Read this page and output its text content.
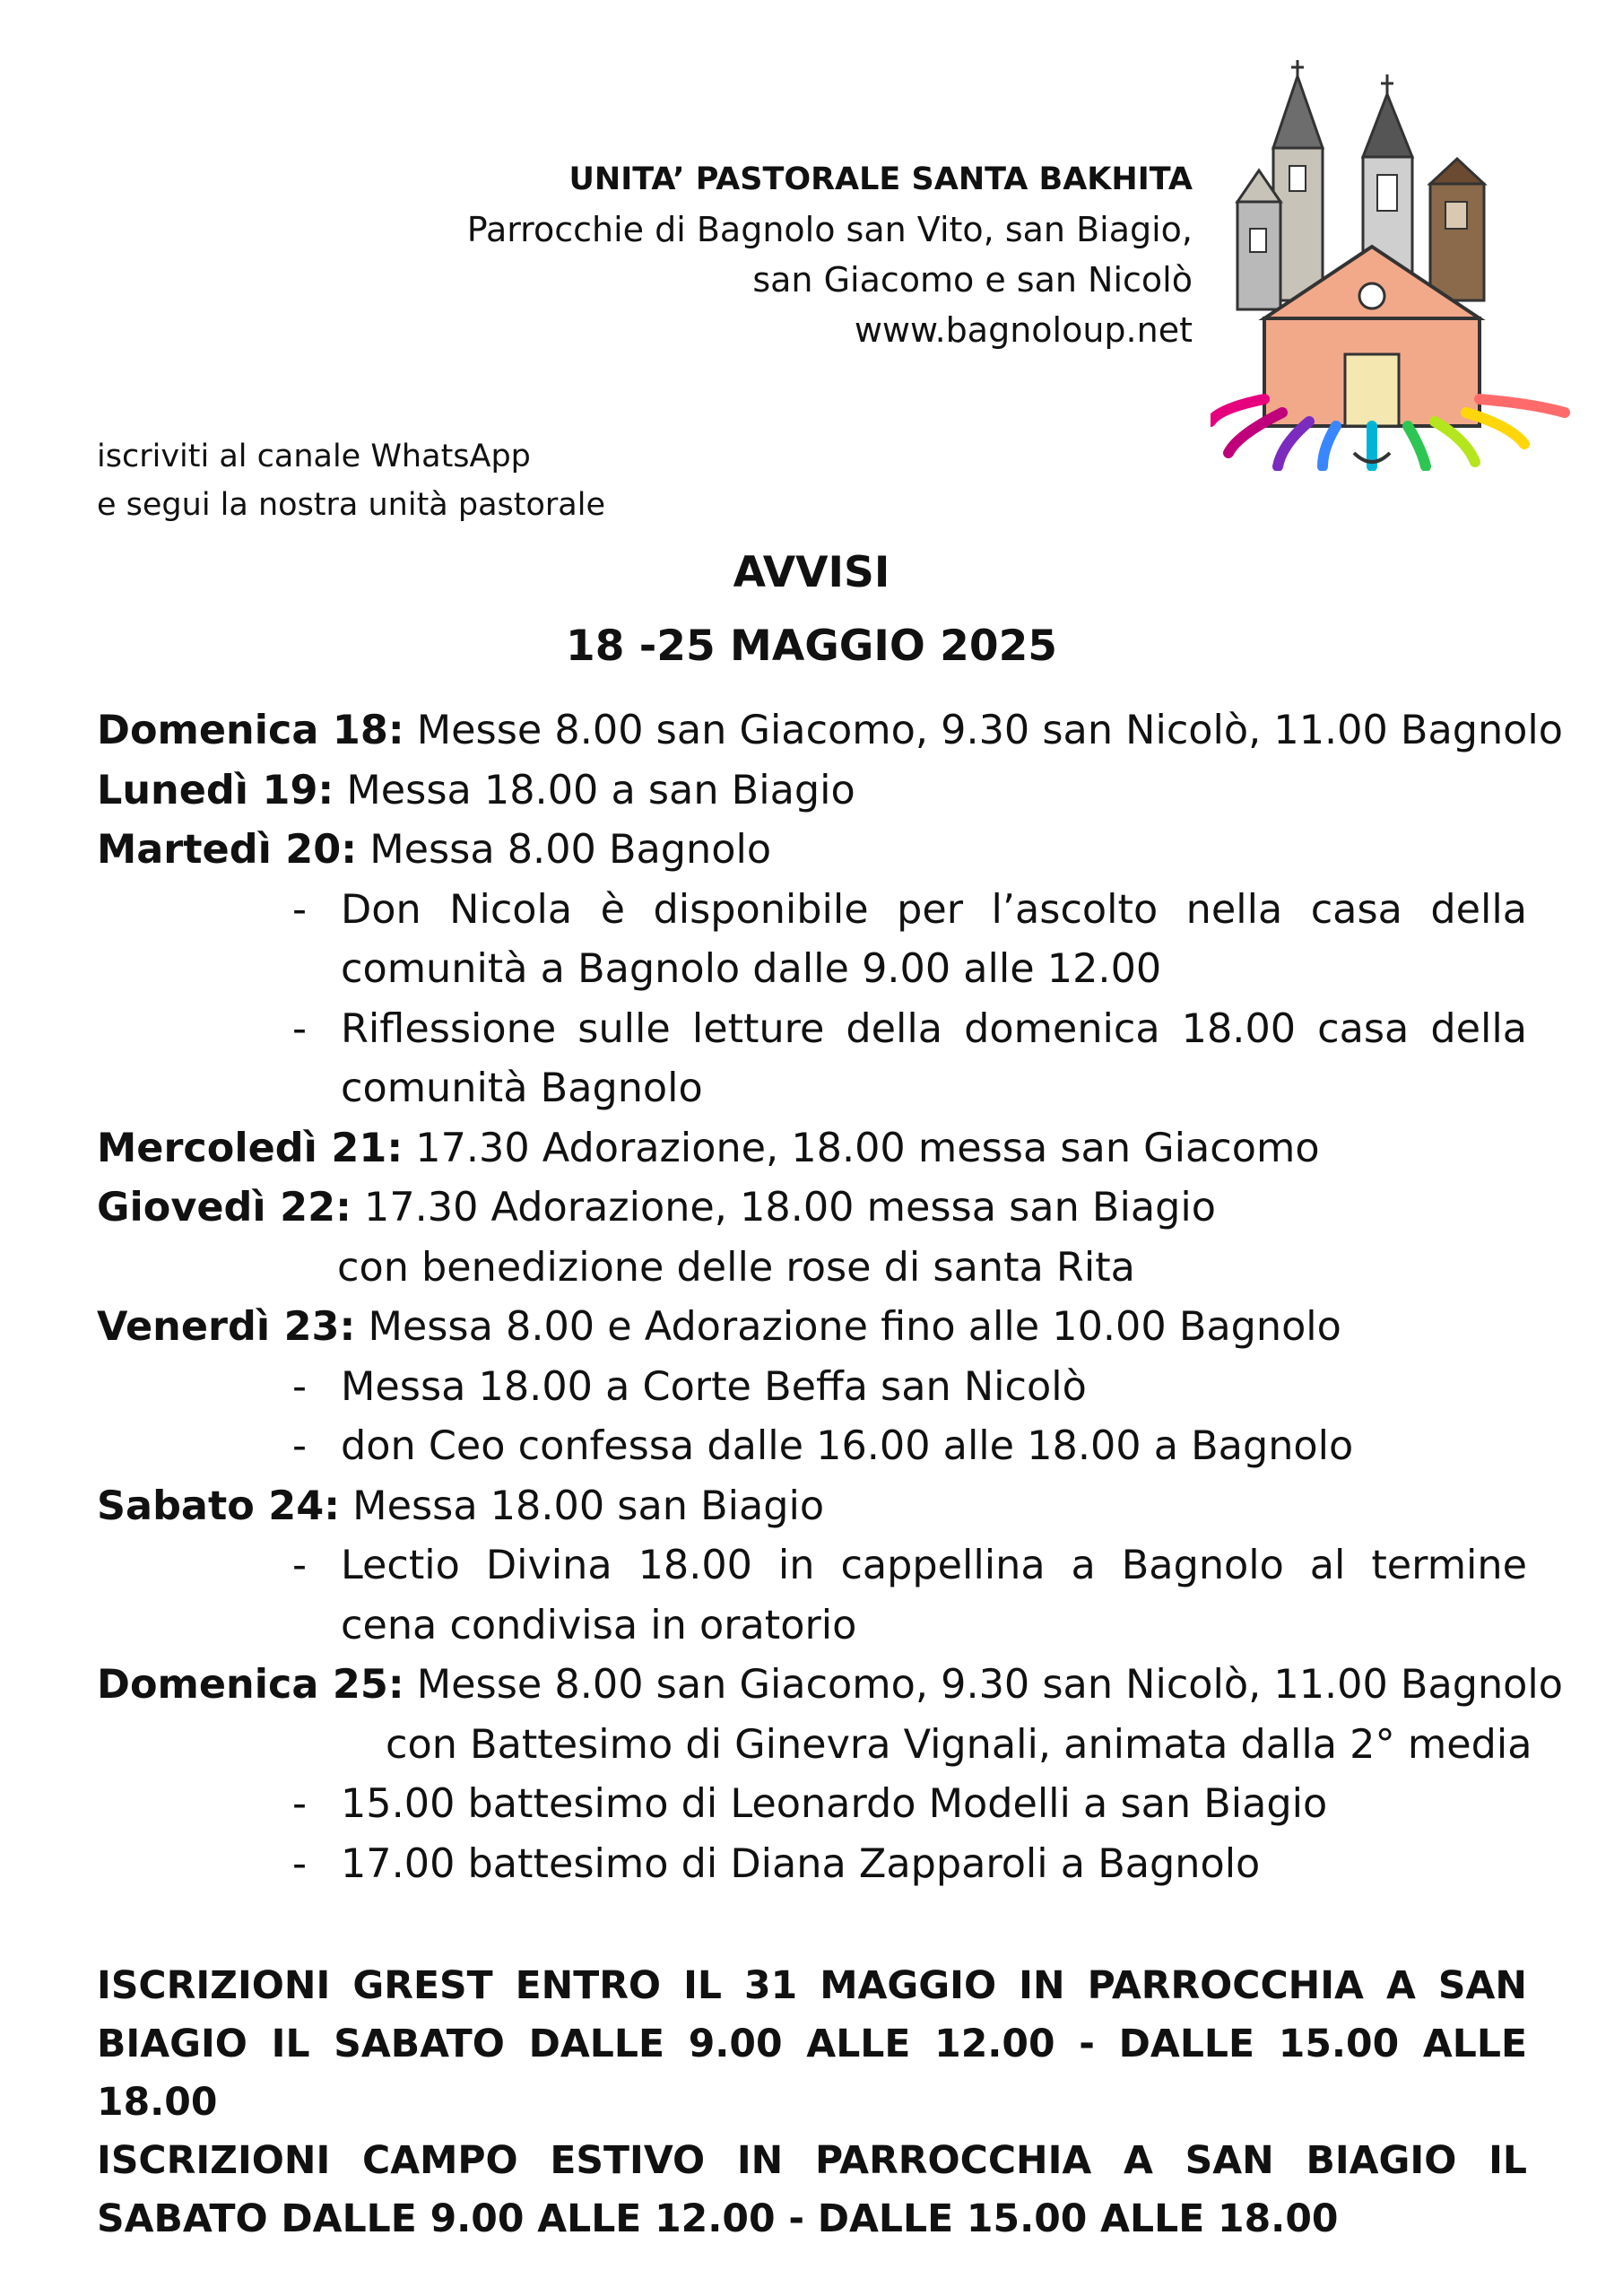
UNITA’ PASTORALE SANTA BAKHITA
Parrocchie di Bagnolo san Vito, san Biagio,
san Giacomo e san Nicolò
www.bagnoloup.net
iscriviti al canale WhatsApp
e segui la nostra unità pastorale
AVVISI
18 -25 MAGGIO 2025
Domenica 18: Messe 8.00 san Giacomo, 9.30 san Nicolò, 11.00 Bagnolo
Lunedì 19: Messa 18.00 a san Biagio
Martedì 20: Messa 8.00 Bagnolo
- Don Nicola è disponibile per l’ascolto nella casa della comunità a Bagnolo dalle 9.00 alle 12.00
- Riflessione sulle letture della domenica 18.00 casa della comunità Bagnolo
Mercoledì 21: 17.30 Adorazione, 18.00 messa san Giacomo
Giovedì 22: 17.30 Adorazione, 18.00 messa san Biagio
con benedizione delle rose di santa Rita
Venerdì 23: Messa 8.00 e Adorazione fino alle 10.00 Bagnolo
- Messa 18.00 a Corte Beffa san Nicolò
- don Ceo confessa dalle 16.00 alle 18.00 a Bagnolo
Sabato 24: Messa 18.00 san Biagio
- Lectio Divina 18.00 in cappellina a Bagnolo al termine cena condivisa in oratorio
Domenica 25: Messe 8.00 san Giacomo, 9.30 san Nicolò, 11.00 Bagnolo
con Battesimo di Ginevra Vignali, animata dalla 2° media
- 15.00 battesimo di Leonardo Modelli a san Biagio
- 17.00 battesimo di Diana Zapparoli a Bagnolo
ISCRIZIONI GREST ENTRO IL 31 MAGGIO IN PARROCCHIA A SAN BIAGIO IL SABATO DALLE 9.00 ALLE 12.00 - DALLE 15.00 ALLE 18.00
ISCRIZIONI CAMPO ESTIVO IN PARROCCHIA A SAN BIAGIO IL SABATO DALLE 9.00 ALLE 12.00 - DALLE 15.00 ALLE 18.00
